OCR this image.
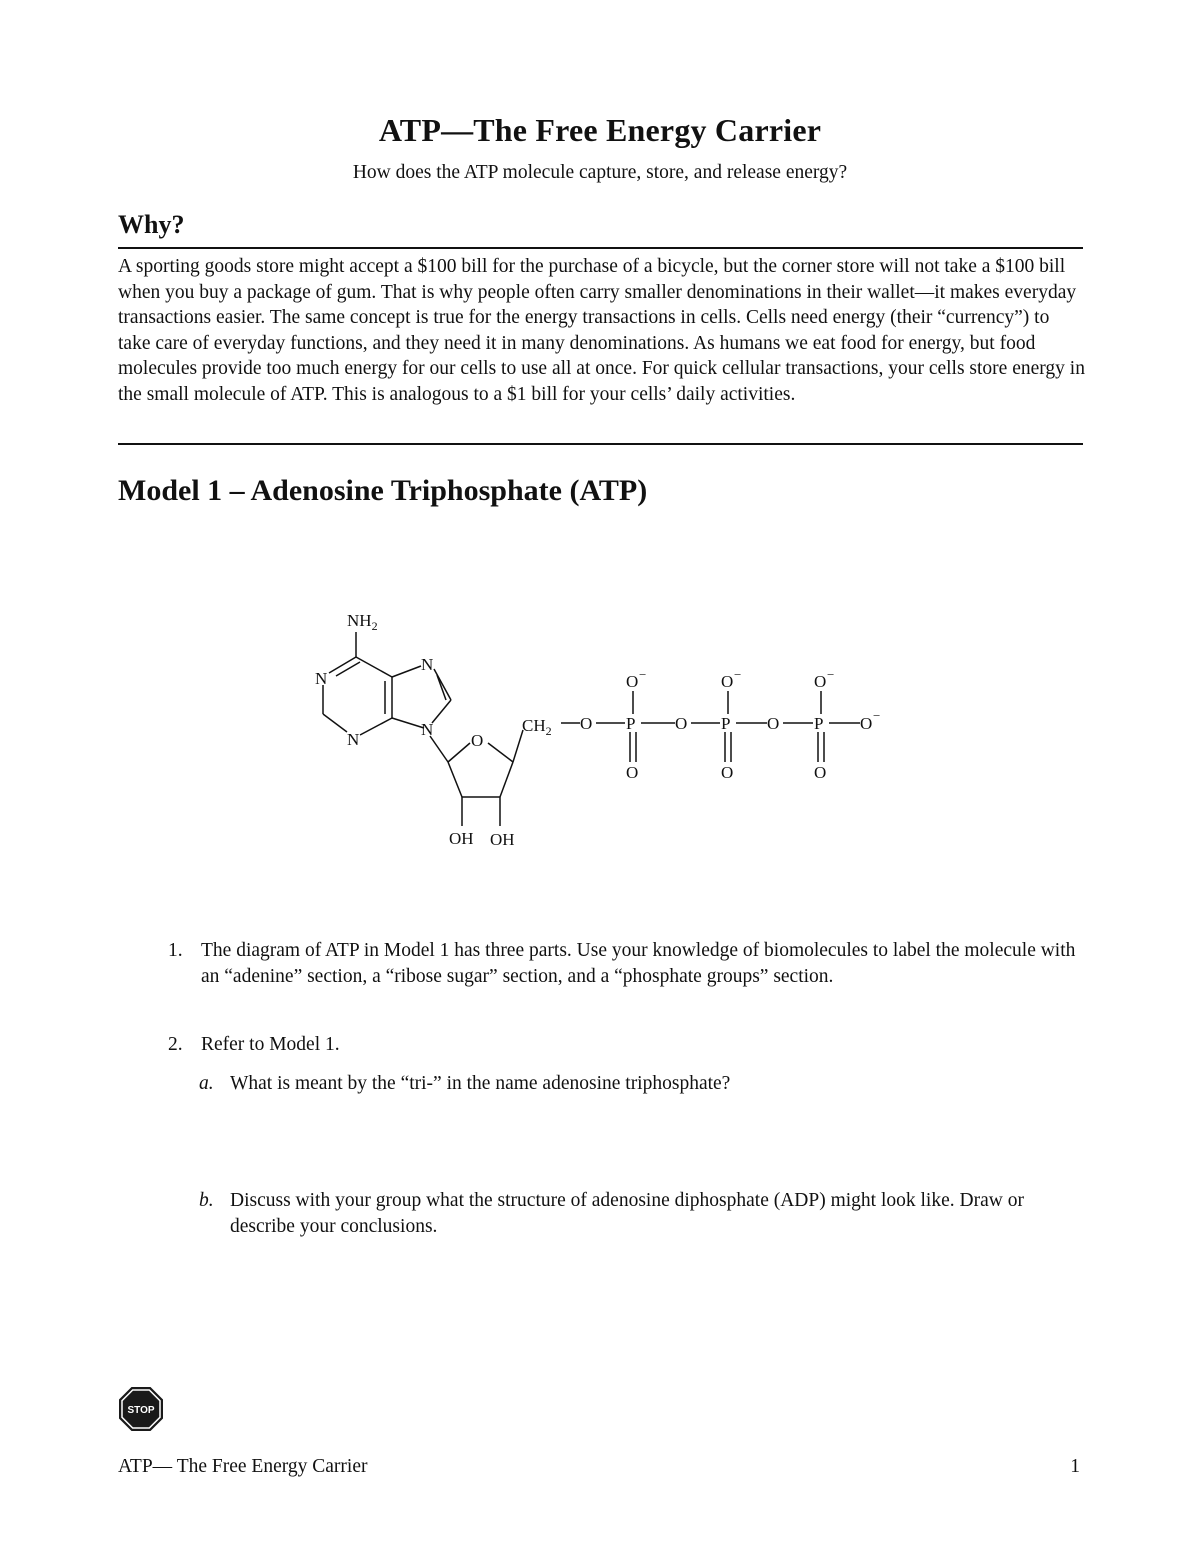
ATP—The Free Energy Carrier
How does the ATP molecule capture, store, and release energy?
Why?
A sporting goods store might accept a $100 bill for the purchase of a bicycle, but the corner store will not take a $100 bill when you buy a package of gum. That is why people often carry smaller denominations in their wallet—it makes everyday transactions easier. The same concept is true for the energy transactions in cells. Cells need energy (their “currency”) to take care of everyday functions, and they need it in many denominations. As humans we eat food for energy, but food molecules provide too much energy for our cells to use all at once. For quick cellular transactions, your cells store energy in the small molecule of ATP. This is analogous to a $1 bill for your cells’ daily activities.
Model 1 – Adenosine Triphosphate (ATP)
$NH_2$
N
N
N
N
O
$CH_2$
OH OH
O P O P O P O −
O −	O −	O −
O	O	O
1. The diagram of ATP in Model 1 has three parts. Use your knowledge of biomolecules to label the molecule with an “adenine” section, a “ribose sugar” section, and a “phosphate groups” section.
2. Refer to Model 1.
a. What is meant by the “tri-” in the name adenosine triphosphate?
b. Discuss with your group what the structure of adenosine diphosphate (ADP) might look like. Draw or describe your conclusions.
STOP
ATP— The Free Energy Carrier	1
